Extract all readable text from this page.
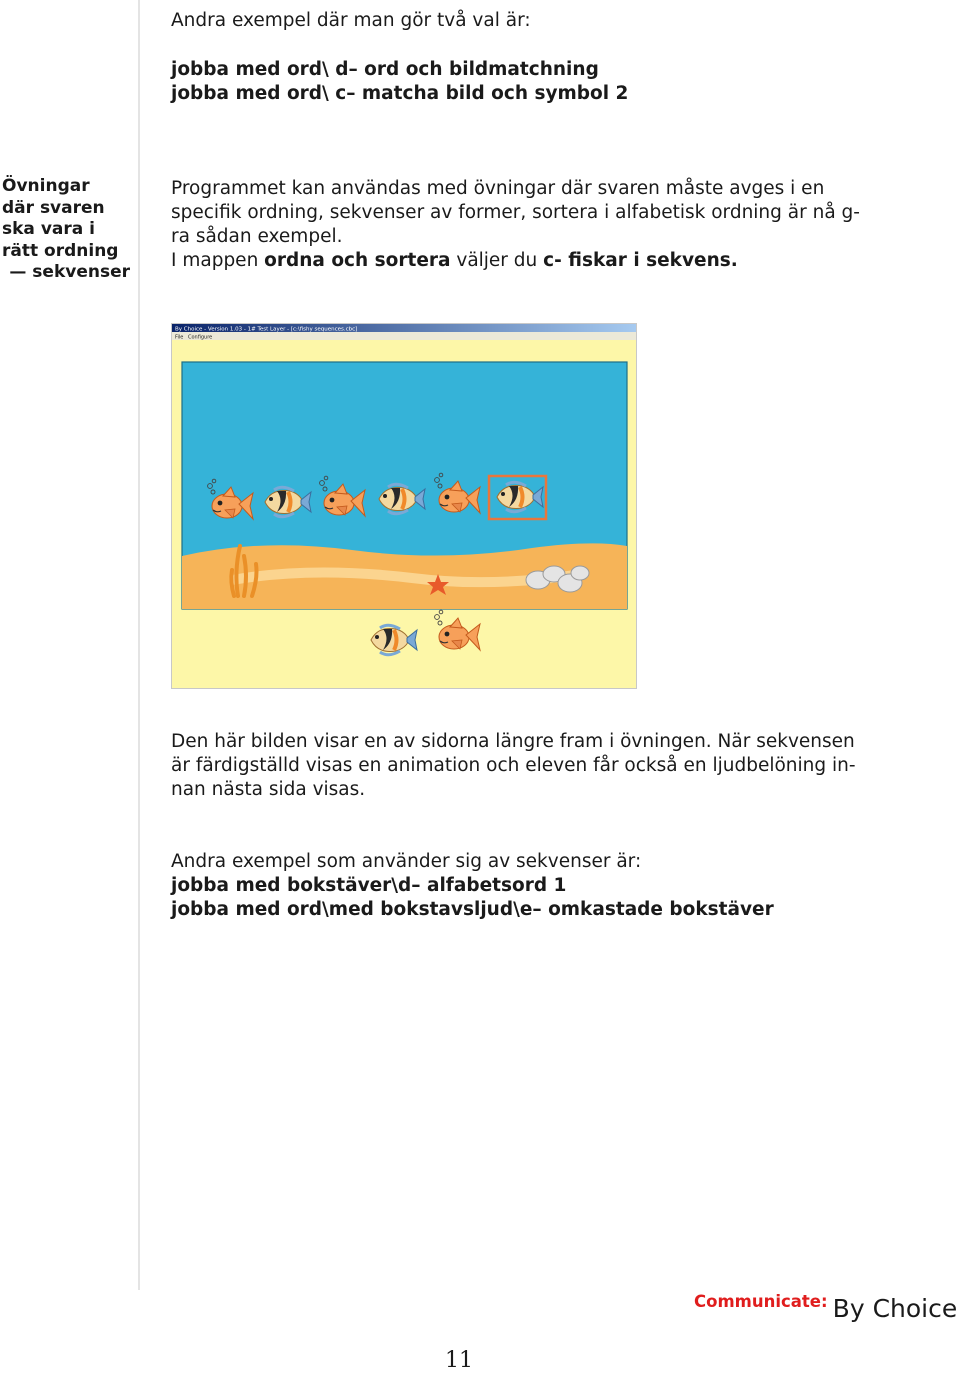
Andra exempel där man gör två val är:
jobba med ord\ d– ord och bildmatchning
jobba med ord\ c– matcha bild och symbol 2
Övningar
där svaren
ska vara i
rätt ordning
— sekvenser
Programmet kan användas med övningar där svaren måste avges i en
specifik ordning, sekvenser av former, sortera i alfabetisk ordning är nå g-
ra sådan exempel.
I mappen ordna och sortera väljer du c- fiskar i sekvens.
By Choice - Version 1.03 - 1# Test Layer - [c:\fishy sequences.cbc]
File Configure
Den här bilden visar en av sidorna längre fram i övningen. När sekvensen
är färdigställd visas en animation och eleven får också en ljudbelöning in-
nan nästa sida visas.
Andra exempel som använder sig av sekvenser är:
jobba med bokstäver\d– alfabetsord 1
jobba med ord\med bokstavsljud\e– omkastade bokstäver
Communicate: By Choice
11
